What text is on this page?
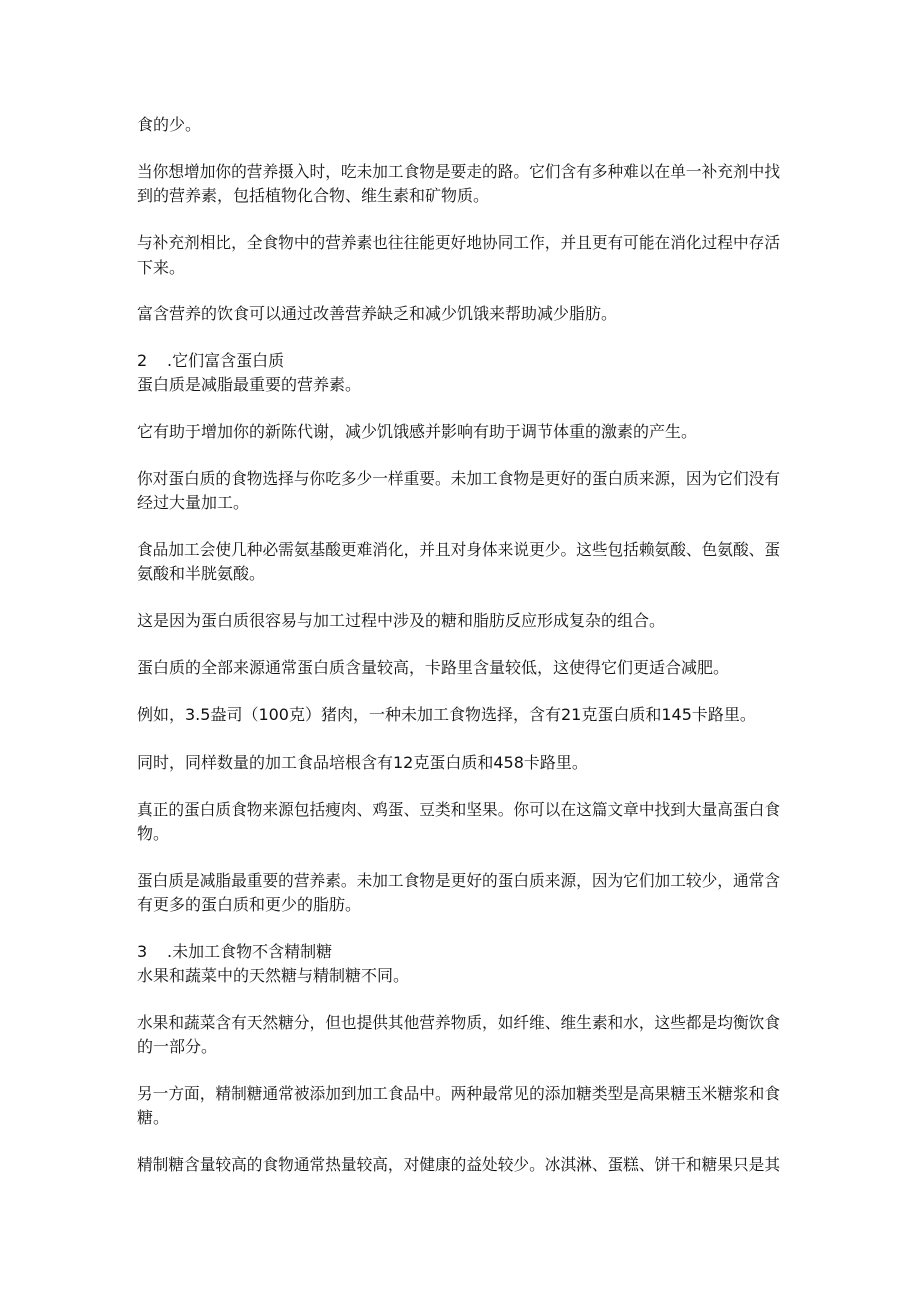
食的少。
当你想增加你的营养摄入时，吃未加工食物是要走的路。它们含有多种难以在单一补充剂中找
到的营养素，包括植物化合物、维生素和矿物质。
与补充剂相比，全食物中的营养素也往往能更好地协同工作，并且更有可能在消化过程中存活
下来。
富含营养的饮食可以通过改善营养缺乏和减少饥饿来帮助减少脂肪。
2 .它们富含蛋白质
蛋白质是减脂最重要的营养素。
它有助于增加你的新陈代谢，减少饥饿感并影响有助于调节体重的激素的产生。
你对蛋白质的食物选择与你吃多少一样重要。未加工食物是更好的蛋白质来源，因为它们没有
经过大量加工。
食品加工会使几种必需氨基酸更难消化，并且对身体来说更少。这些包括赖氨酸、色氨酸、蛋
氨酸和半胱氨酸。
这是因为蛋白质很容易与加工过程中涉及的糖和脂肪反应形成复杂的组合。
蛋白质的全部来源通常蛋白质含量较高，卡路里含量较低，这使得它们更适合减肥。
例如，3.5盎司（100克）猪肉，一种未加工食物选择，含有21克蛋白质和145卡路里。
同时，同样数量的加工食品培根含有12克蛋白质和458卡路里。
真正的蛋白质食物来源包括瘦肉、鸡蛋、豆类和坚果。你可以在这篇文章中找到大量高蛋白食
物。
蛋白质是减脂最重要的营养素。未加工食物是更好的蛋白质来源，因为它们加工较少，通常含
有更多的蛋白质和更少的脂肪。
3 .未加工食物不含精制糖
水果和蔬菜中的天然糖与精制糖不同。
水果和蔬菜含有天然糖分，但也提供其他营养物质，如纤维、维生素和水，这些都是均衡饮食
的一部分。
另一方面，精制糖通常被添加到加工食品中。两种最常见的添加糖类型是高果糖玉米糖浆和食
糖。
精制糖含量较高的食物通常热量较高，对健康的益处较少。冰淇淋、蛋糕、饼干和糖果只是其
